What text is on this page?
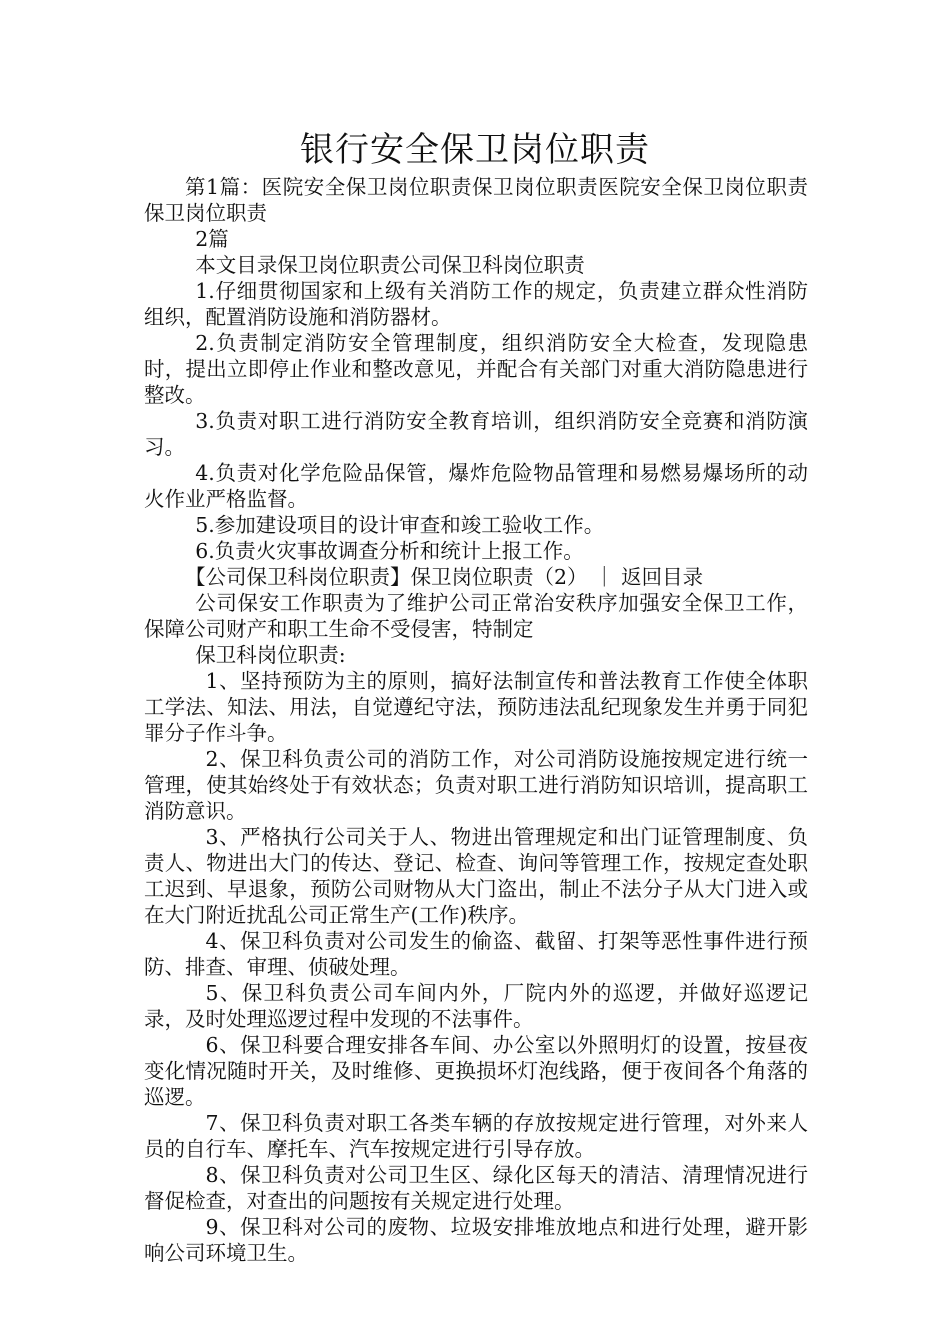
银行安全保卫岗位职责

第1篇：医院安全保卫岗位职责保卫岗位职责医院安全保卫岗位职责保卫岗位职责

2篇

本文目录保卫岗位职责公司保卫科岗位职责

1.仔细贯彻国家和上级有关消防工作的规定，负责建立群众性消防组织，配置消防设施和消防器材。

2.负责制定消防安全管理制度，组织消防安全大检查，发现隐患时，提出立即停止作业和整改意见，并配合有关部门对重大消防隐患进行整改。

3.负责对职工进行消防安全教育培训，组织消防安全竞赛和消防演习。

4.负责对化学危险品保管，爆炸危险物品管理和易燃易爆场所的动火作业严格监督。

5.参加建设项目的设计审查和竣工验收工作。

6.负责火灾事故调查分析和统计上报工作。

【公司保卫科岗位职责】保卫岗位职责（2） ｜ 返回目录

公司保安工作职责为了维护公司正常治安秩序加强安全保卫工作，保障公司财产和职工生命不受侵害，特制定

保卫科岗位职责:

1、坚持预防为主的原则，搞好法制宣传和普法教育工作使全体职工学法、知法、用法，自觉遵纪守法，预防违法乱纪现象发生并勇于同犯罪分子作斗争。

2、保卫科负责公司的消防工作，对公司消防设施按规定进行统一管理，使其始终处于有效状态；负责对职工进行消防知识培训，提高职工消防意识。

3、严格执行公司关于人、物进出管理规定和出门证管理制度、负责人、物进出大门的传达、登记、检查、询问等管理工作，按规定查处职工迟到、早退象，预防公司财物从大门盗出，制止不法分子从大门进入或在大门附近扰乱公司正常生产(工作)秩序。

4、保卫科负责对公司发生的偷盗、截留、打架等恶性事件进行预防、排查、审理、侦破处理。

5、保卫科负责公司车间内外，厂院内外的巡逻，并做好巡逻记录，及时处理巡逻过程中发现的不法事件。

6、保卫科要合理安排各车间、办公室以外照明灯的设置，按昼夜变化情况随时开关，及时维修、更换损坏灯泡线路，便于夜间各个角落的巡逻。

7、保卫科负责对职工各类车辆的存放按规定进行管理，对外来人员的自行车、摩托车、汽车按规定进行引导存放。

8、保卫科负责对公司卫生区、绿化区每天的清洁、清理情况进行督促检查，对查出的问题按有关规定进行处理。

9、保卫科对公司的废物、垃圾安排堆放地点和进行处理，避开影响公司环境卫生。
